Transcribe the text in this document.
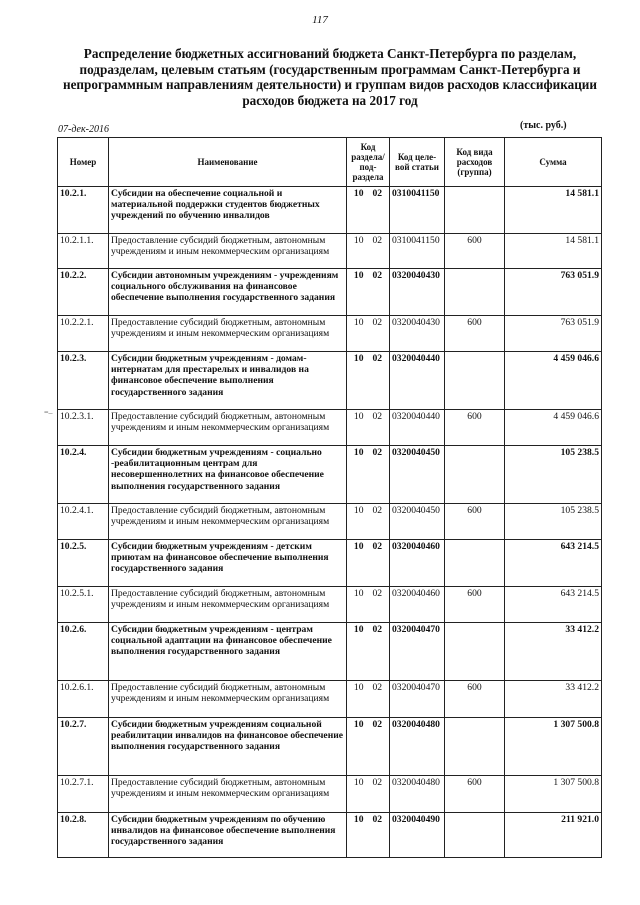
117
Распределение бюджетных ассигнований бюджета Санкт-Петербурга по разделам, подразделам, целевым статьям (государственным программам Санкт-Петербурга и непрограммным направлениям деятельности) и группам видов расходов классификации расходов бюджета на 2017 год
07-дек-2016	(тыс. руб.)
=–
Номер	Наименование	Код раздела/ под- раздела	Код целе- вой статьи	Код вида расходов (группа)	Сумма
10.2.1.	Субсидии на обеспечение социальной и материальной поддержки студентов бюджетных учреждений по обучению инвалидов	10 02	0310041150		14 581.1
10.2.1.1.	Предоставление субсидий бюджетным, автономным учреждениям и иным некоммерческим организациям	10 02	0310041150	600	14 581.1
10.2.2.	Субсидии автономным учреждениям - учреждениям социального обслуживания на финансовое обеспечение выполнения государственного задания	10 02	0320040430		763 051.9
10.2.2.1.	Предоставление субсидий бюджетным, автономным учреждениям и иным некоммерческим организациям	10 02	0320040430	600	763 051.9
10.2.3.	Субсидии бюджетным учреждениям - домам-интернатам для престарелых и инвалидов на финансовое обеспечение выполнения государственного задания	10 02	0320040440		4 459 046.6
10.2.3.1.	Предоставление субсидий бюджетным, автономным учреждениям и иным некоммерческим организациям	10 02	0320040440	600	4 459 046.6
10.2.4.	Субсидии бюджетным учреждениям - социально -реабилитационным центрам для несовершеннолетних на финансовое обеспечение выполнения государственного задания	10 02	0320040450		105 238.5
10.2.4.1.	Предоставление субсидий бюджетным, автономным учреждениям и иным некоммерческим организациям	10 02	0320040450	600	105 238.5
10.2.5.	Субсидии бюджетным учреждениям - детским приютам на финансовое обеспечение выполнения государственного задания	10 02	0320040460		643 214.5
10.2.5.1.	Предоставление субсидий бюджетным, автономным учреждениям и иным некоммерческим организациям	10 02	0320040460	600	643 214.5
10.2.6.	Субсидии бюджетным учреждениям - центрам социальной адаптации на финансовое обеспечение выполнения государственного задания	10 02	0320040470		33 412.2
10.2.6.1.	Предоставление субсидий бюджетным, автономным учреждениям и иным некоммерческим организациям	10 02	0320040470	600	33 412.2
10.2.7.	Субсидии бюджетным учреждениям социальной реабилитации инвалидов на финансовое обеспечение выполнения государственного задания	10 02	0320040480		1 307 500.8
10.2.7.1.	Предоставление субсидий бюджетным, автономным учреждениям и иным некоммерческим организациям	10 02	0320040480	600	1 307 500.8
10.2.8.	Субсидии бюджетным учреждениям по обучению инвалидов на финансовое обеспечение выполнения государственного задания	10 02	0320040490		211 921.0
